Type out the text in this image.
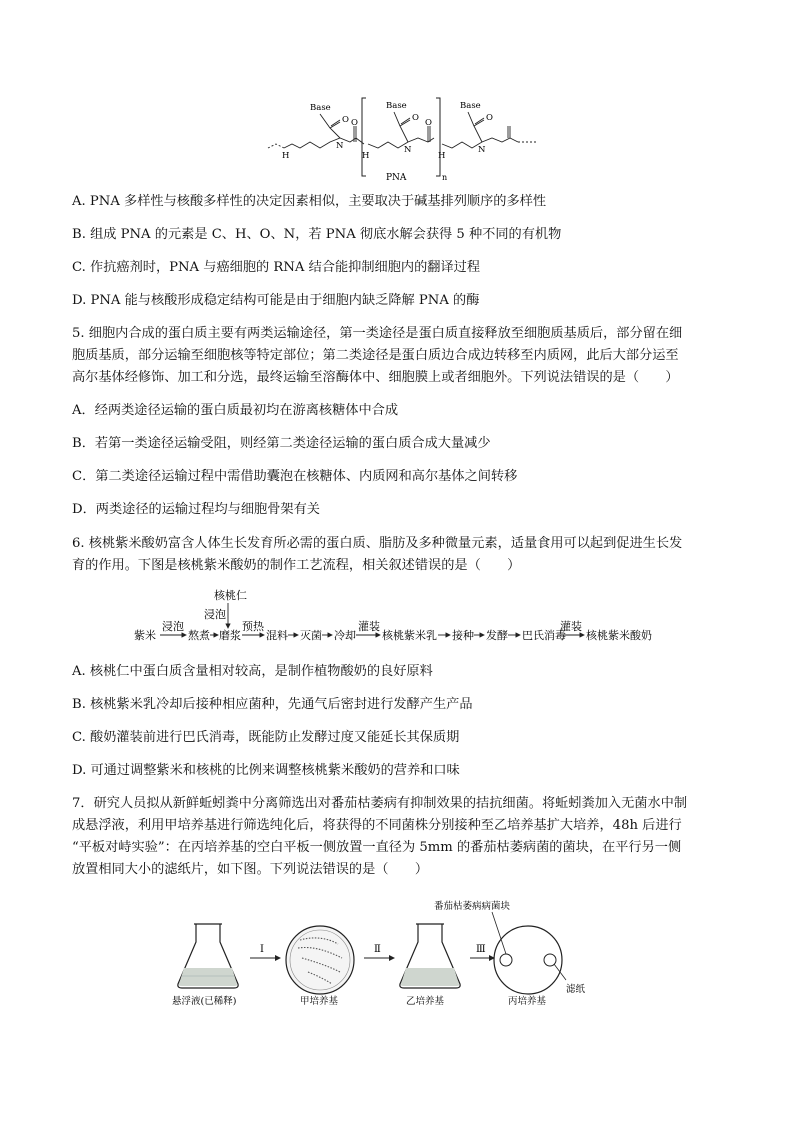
Base	Base	Base
O O	O O	O
N	N	N
H	H	H
n
PNA
A. PNA 多样性与核酸多样性的决定因素相似，主要取决于碱基排列顺序的多样性
B. 组成 PNA 的元素是 C、H、O、N，若 PNA 彻底水解会获得 5 种不同的有机物
C. 作抗癌剂时，PNA 与癌细胞的 RNA 结合能抑制细胞内的翻译过程
D. PNA 能与核酸形成稳定结构可能是由于细胞内缺乏降解 PNA 的酶
5. 细胞内合成的蛋白质主要有两类运输途径，第一类途径是蛋白质直接释放至细胞质基质后，部分留在细
胞质基质，部分运输至细胞核等特定部位；第二类途径是蛋白质边合成边转移至内质网，此后大部分运至
高尔基体经修饰、加工和分选，最终运输至溶酶体中、细胞膜上或者细胞外。下列说法错误的是（　　）
A．经两类途径运输的蛋白质最初均在游离核糖体中合成
B．若第一类途径运输受阻，则经第二类途径运输的蛋白质合成大量减少
C．第二类途径运输过程中需借助囊泡在核糖体、内质网和高尔基体之间转移
D．两类途径的运输过程均与细胞骨架有关
6. 核桃紫米酸奶富含人体生长发育所必需的蛋白质、脂肪及多种微量元素，适量食用可以起到促进生长发
育的作用。下图是核桃紫米酸奶的制作工艺流程，相关叙述错误的是（　　）
核桃仁
浸泡
紫米	熬煮 磨浆 混料 灭菌 冷却 核桃紫米乳 接种 发酵 巴氏消毒 核桃紫米酸奶
浸泡	预热	灌装	灌装
A. 核桃仁中蛋白质含量相对较高，是制作植物酸奶的良好原料
B. 核桃紫米乳冷却后接种相应菌种，先通气后密封进行发酵产生产品
C. 酸奶灌装前进行巴氏消毒，既能防止发酵过度又能延长其保质期
D. 可通过调整紫米和核桃的比例来调整核桃紫米酸奶的营养和口味
7．研究人员拟从新鲜蚯蚓粪中分离筛选出对番茄枯萎病有抑制效果的拮抗细菌。将蚯蚓粪加入无菌水中制
成悬浮液，利用甲培养基进行筛选纯化后，将获得的不同菌株分别接种至乙培养基扩大培养，48h 后进行
“平板对峙实验”：在丙培养基的空白平板一侧放置一直径为 5mm 的番茄枯萎病菌的菌块，在平行另一侧
放置相同大小的滤纸片，如下图。下列说法错误的是（　　）
Ⅰ	Ⅱ	Ⅲ
番茄枯萎病病菌块
滤纸
悬浮液(已稀释)	甲培养基	乙培养基	丙培养基
